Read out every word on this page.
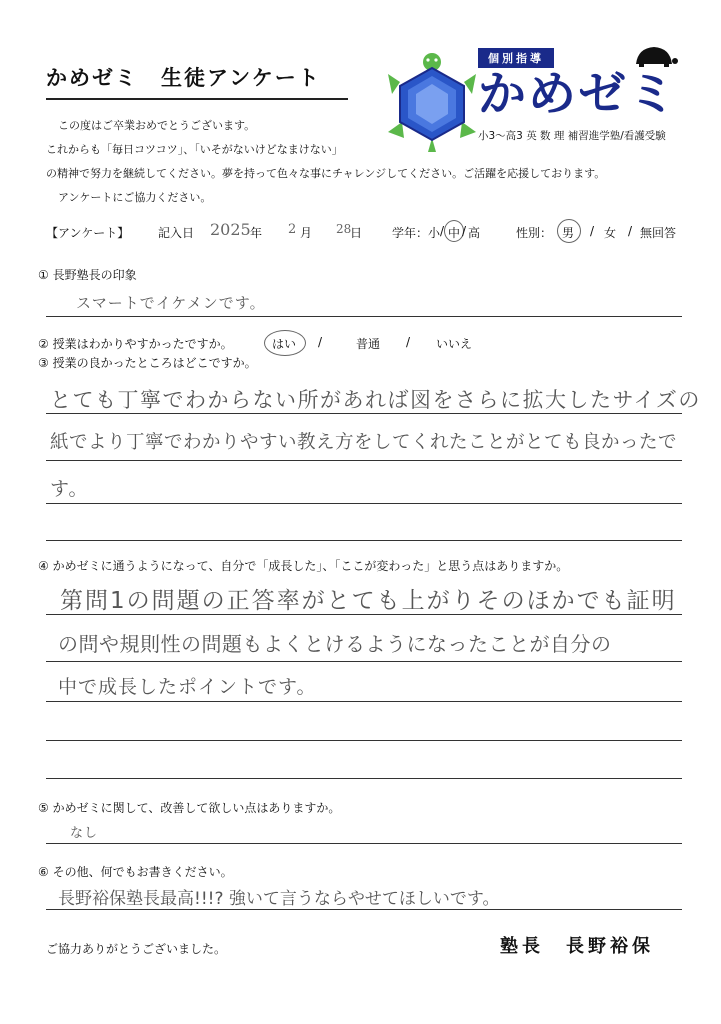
かめゼミ　生徒アンケート
この度はご卒業おめでとうございます。
これからも「毎日コツコツ」、「いそがないけどなまけない」
の精神で努力を継続してください。夢を持って色々な事にチャレンジしてください。ご活躍を応援しております。
アンケートにご協力ください。
個別指導
かめゼミ
小3～高3 英 数 理 補習進学塾/看護受験
【アンケート】 記入日 2025 年 2 月 28
日 学年： 小 / 中 / 高	性別： 男 / 女 / 無回答
① 長野塾長の印象
スマートでイケメンです。
② 授業はわかりやすかったですか。	はい /	普通 / いいえ
③ 授業の良かったところはどこですか。
とても丁寧でわからない所があれば図をさらに拡大したサイズの
紙でより丁寧でわかりやすい教え方をしてくれたことがとても良かったで
す。
④ かめゼミに通うようになって、自分で「成長した」、「ここが変わった」と思う点はありますか。
第問1の問題の正答率がとても上がりそのほかでも証明
の問や規則性の問題もよくとけるようになったことが自分の
中で成長したポイントです。
⑤ かめゼミに関して、改善して欲しい点はありますか。
なし
⑥ その他、何でもお書きください。
長野裕保塾長最高!!!? 強いて言うならやせてほしいです。
ご協力ありがとうございました。	塾長　長野裕保
